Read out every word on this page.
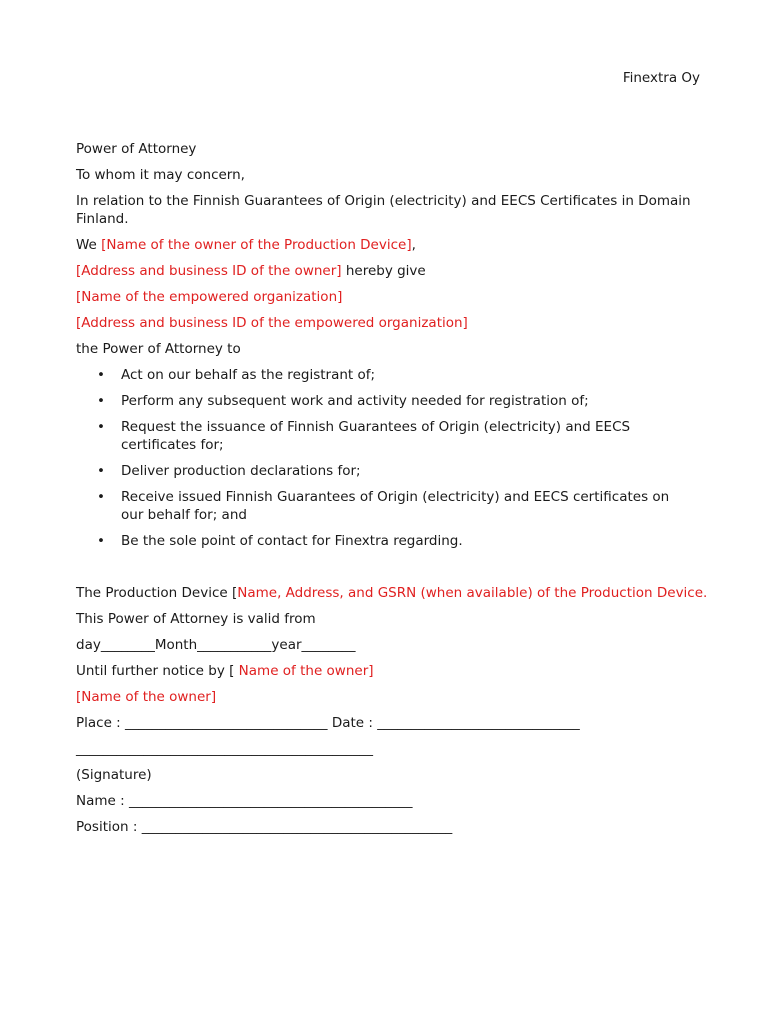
Finextra Oy

Power of Attorney

To whom it may concern,

In relation to the Finnish Guarantees of Origin (electricity) and EECS Certificates in Domain Finland.

We [Name of the owner of the Production Device],

[Address and business ID of the owner] hereby give

[Name of the empowered organization]

[Address and business ID of the empowered organization]

the Power of Attorney to

• Act on our behalf as the registrant of;
• Perform any subsequent work and activity needed for registration of;
• Request the issuance of Finnish Guarantees of Origin (electricity) and EECS certificates for;
• Deliver production declarations for;
• Receive issued Finnish Guarantees of Origin (electricity) and EECS certificates on our behalf for; and
• Be the sole point of contact for Finextra regarding.

The Production Device [Name, Address, and GSRN (when available) of the Production Device.

This Power of Attorney is valid from

day________Month___________year________

Until further notice by [ Name of the owner]

[Name of the owner]

Place : ______________________________ Date : ______________________________

____________________________________________

(Signature)

Name : __________________________________________

Position : ______________________________________________
